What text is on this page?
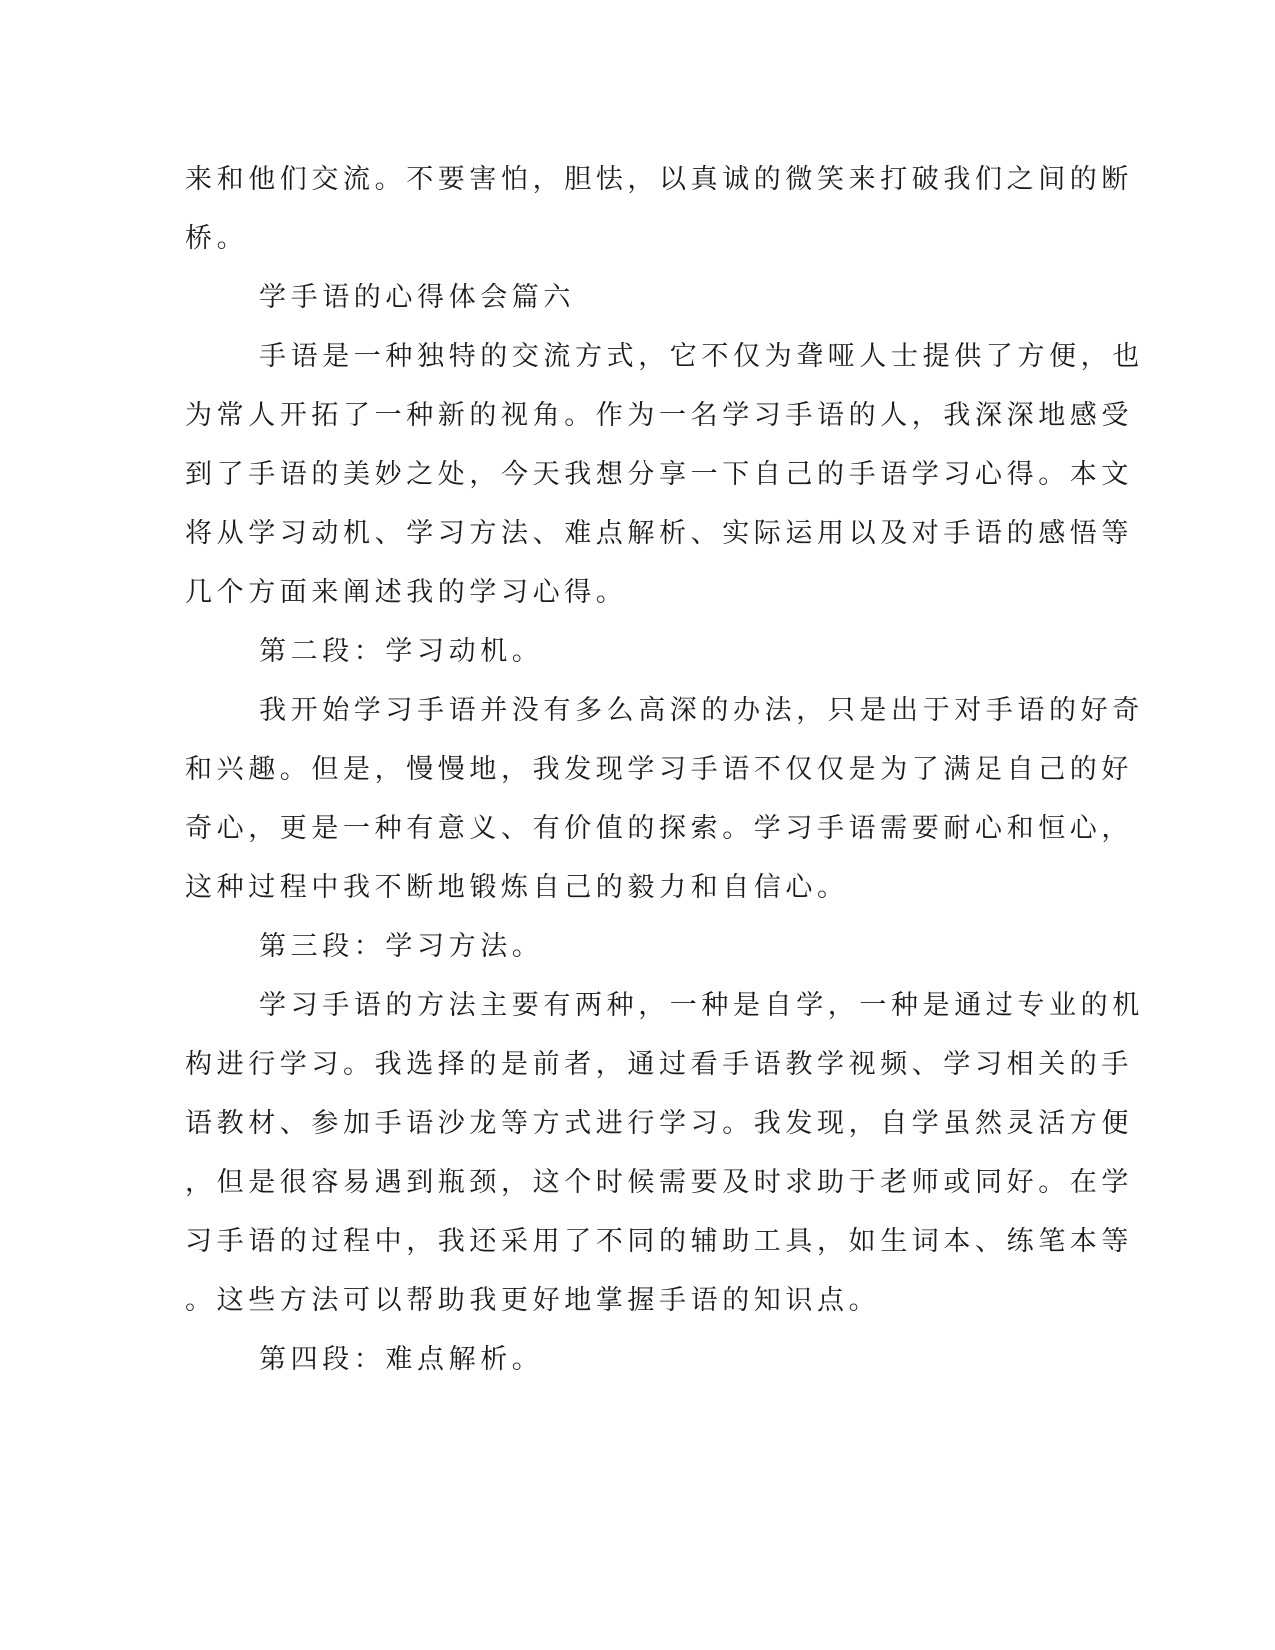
来和他们交流。不要害怕，胆怯，以真诚的微笑来打破我们之间的断
桥。
学手语的心得体会篇六
手语是一种独特的交流方式，它不仅为聋哑人士提供了方便，也
为常人开拓了一种新的视角。作为一名学习手语的人，我深深地感受
到了手语的美妙之处，今天我想分享一下自己的手语学习心得。本文
将从学习动机、学习方法、难点解析、实际运用以及对手语的感悟等
几个方面来阐述我的学习心得。
第二段：学习动机。
我开始学习手语并没有多么高深的办法，只是出于对手语的好奇
和兴趣。但是，慢慢地，我发现学习手语不仅仅是为了满足自己的好
奇心，更是一种有意义、有价值的探索。学习手语需要耐心和恒心，
这种过程中我不断地锻炼自己的毅力和自信心。
第三段：学习方法。
学习手语的方法主要有两种，一种是自学，一种是通过专业的机
构进行学习。我选择的是前者，通过看手语教学视频、学习相关的手
语教材、参加手语沙龙等方式进行学习。我发现，自学虽然灵活方便
，但是很容易遇到瓶颈，这个时候需要及时求助于老师或同好。在学
习手语的过程中，我还采用了不同的辅助工具，如生词本、练笔本等
。这些方法可以帮助我更好地掌握手语的知识点。
第四段：难点解析。
